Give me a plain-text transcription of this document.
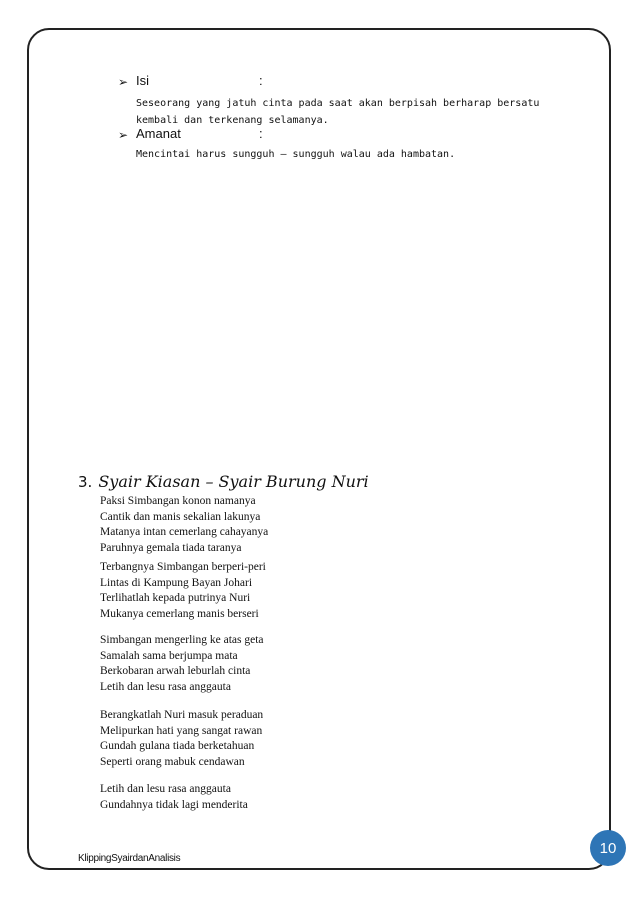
➢ Isi	:
Seseorang yang jatuh cinta pada saat akan berpisah berharap bersatu kembali dan terkenang selamanya.
➢ Amanat	:
Mencintai harus sungguh – sungguh walau ada hambatan.
3. Syair Kiasan – Syair Burung Nuri
Paksi Simbangan konon namanya
Cantik dan manis sekalian lakunya
Matanya intan cemerlang cahayanya
Paruhnya gemala tiada taranya
Terbangnya Simbangan berperi-peri
Lintas di Kampung Bayan Johari
Terlihatlah kepada putrinya Nuri
Mukanya cemerlang manis berseri
Simbangan mengerling ke atas geta
Samalah sama berjumpa mata
Berkobaran arwah leburlah cinta
Letih dan lesu rasa anggauta
Berangkatlah Nuri masuk peraduan
Melipurkan hati yang sangat rawan
Gundah gulana tiada berketahuan
Seperti orang mabuk cendawan
Letih dan lesu rasa anggauta
Gundahnya tidak lagi menderita
KlippingSyairdanAnalisis
10
